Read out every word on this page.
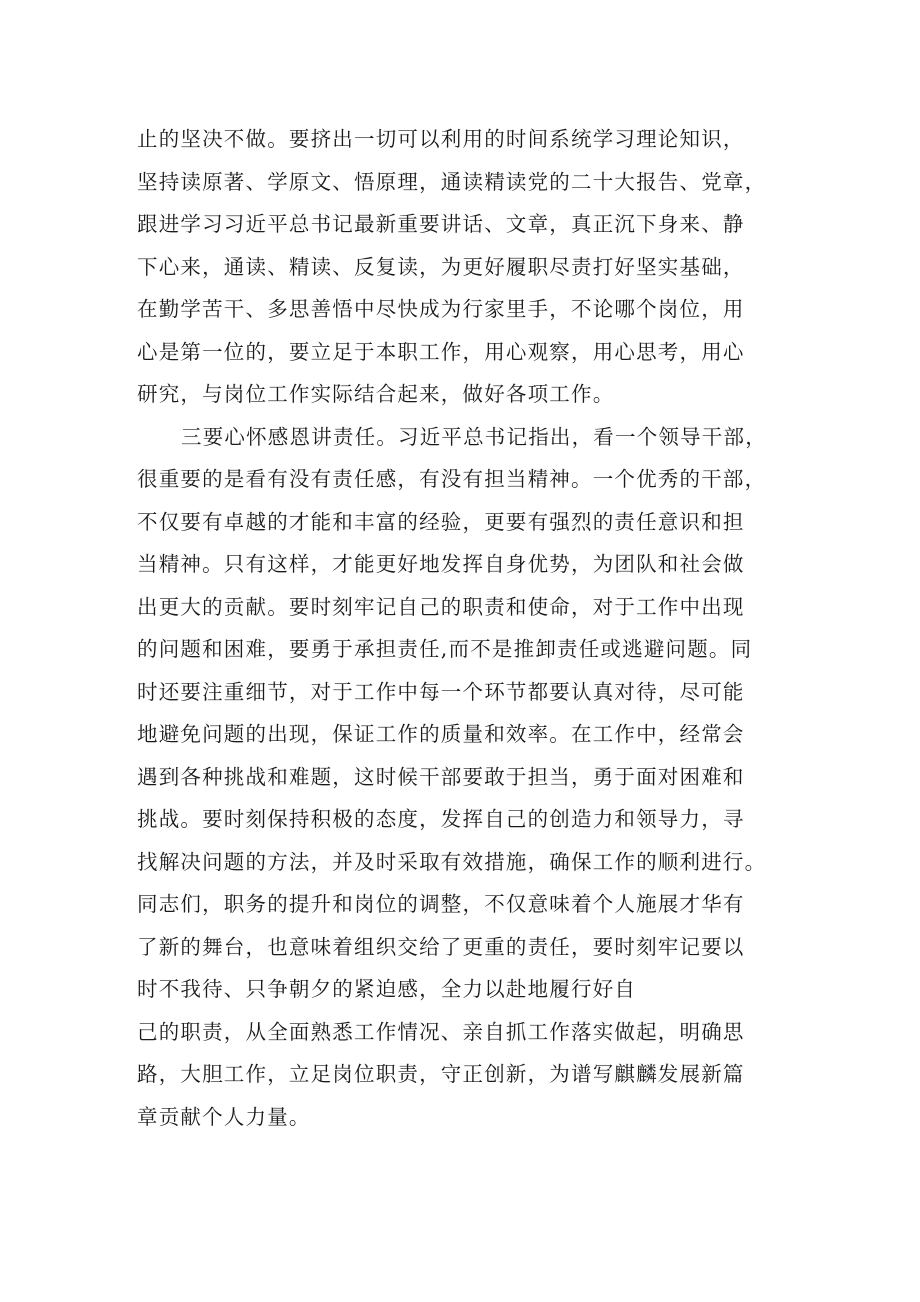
止的坚决不做。要挤出一切可以利用的时间系统学习理论知识，
坚持读原著、学原文、悟原理，通读精读党的二十大报告、党章，
跟进学习习近平总书记最新重要讲话、文章，真正沉下身来、静
下心来，通读、精读、反复读，为更好履职尽责打好坚实基础，
在勤学苦干、多思善悟中尽快成为行家里手，不论哪个岗位，用
心是第一位的，要立足于本职工作，用心观察，用心思考，用心
研究，与岗位工作实际结合起来，做好各项工作。
三要心怀感恩讲责任。习近平总书记指出，看一个领导干部，
很重要的是看有没有责任感，有没有担当精神。一个优秀的干部，
不仅要有卓越的才能和丰富的经验，更要有强烈的责任意识和担
当精神。只有这样，才能更好地发挥自身优势，为团队和社会做
出更大的贡献。要时刻牢记自己的职责和使命，对于工作中出现
的问题和困难，要勇于承担责任,而不是推卸责任或逃避问题。同
时还要注重细节，对于工作中每一个环节都要认真对待，尽可能
地避免问题的出现，保证工作的质量和效率。在工作中，经常会
遇到各种挑战和难题，这时候干部要敢于担当，勇于面对困难和
挑战。要时刻保持积极的态度，发挥自己的创造力和领导力，寻
找解决问题的方法，并及时采取有效措施，确保工作的顺利进行。
同志们，职务的提升和岗位的调整，不仅意味着个人施展才华有
了新的舞台，也意味着组织交给了更重的责任，要时刻牢记要以
时不我待、只争朝夕的紧迫感，全力以赴地履行好自
己的职责，从全面熟悉工作情况、亲自抓工作落实做起，明确思
路，大胆工作，立足岗位职责，守正创新，为谱写麒麟发展新篇
章贡献个人力量。
